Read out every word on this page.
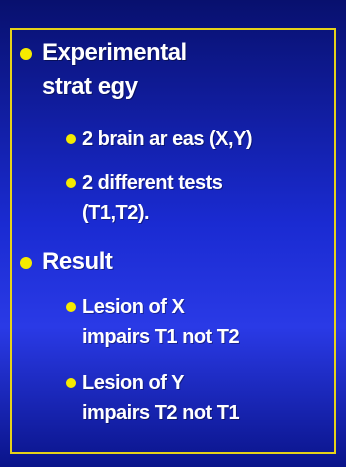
Experimental
strat egy
2 brain ar eas (X,Y)
2 different tests
(T1,T2).
Result
Lesion of X
impairs T1 not T2
Lesion of Y
impairs T2 not T1
